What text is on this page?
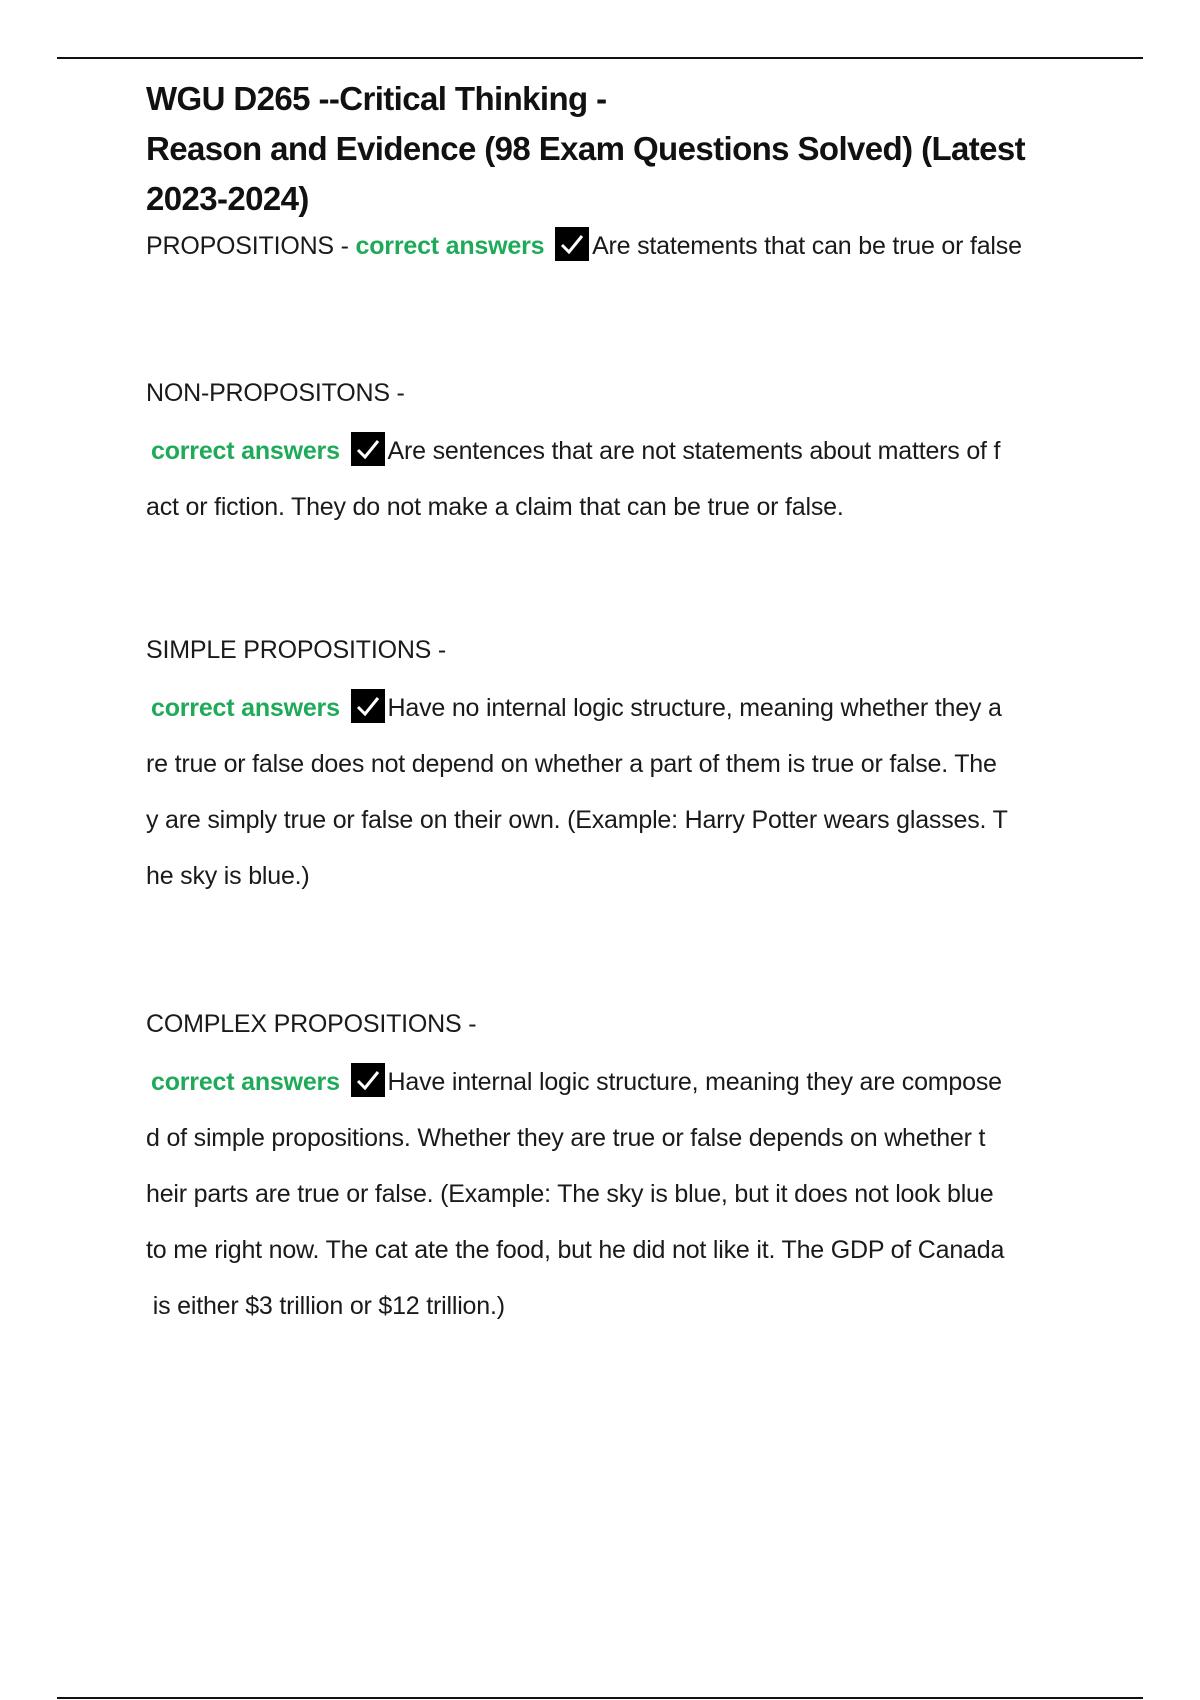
WGU D265 --Critical Thinking -
Reason and Evidence (98 Exam Questions Solved) (Latest
2023-2024)
PROPOSITIONS - correct answers Are statements that can be true or false
NON-PROPOSITONS -
correct answers Are sentences that are not statements about matters of f
act or fiction. They do not make a claim that can be true or false.
SIMPLE PROPOSITIONS -
correct answers Have no internal logic structure, meaning whether they a
re true or false does not depend on whether a part of them is true or false. The
y are simply true or false on their own. (Example: Harry Potter wears glasses. T
he sky is blue.)
COMPLEX PROPOSITIONS -
correct answers Have internal logic structure, meaning they are compose
d of simple propositions. Whether they are true or false depends on whether t
heir parts are true or false. (Example: The sky is blue, but it does not look blue
to me right now. The cat ate the food, but he did not like it. The GDP of Canada
is either $3 trillion or $12 trillion.)
